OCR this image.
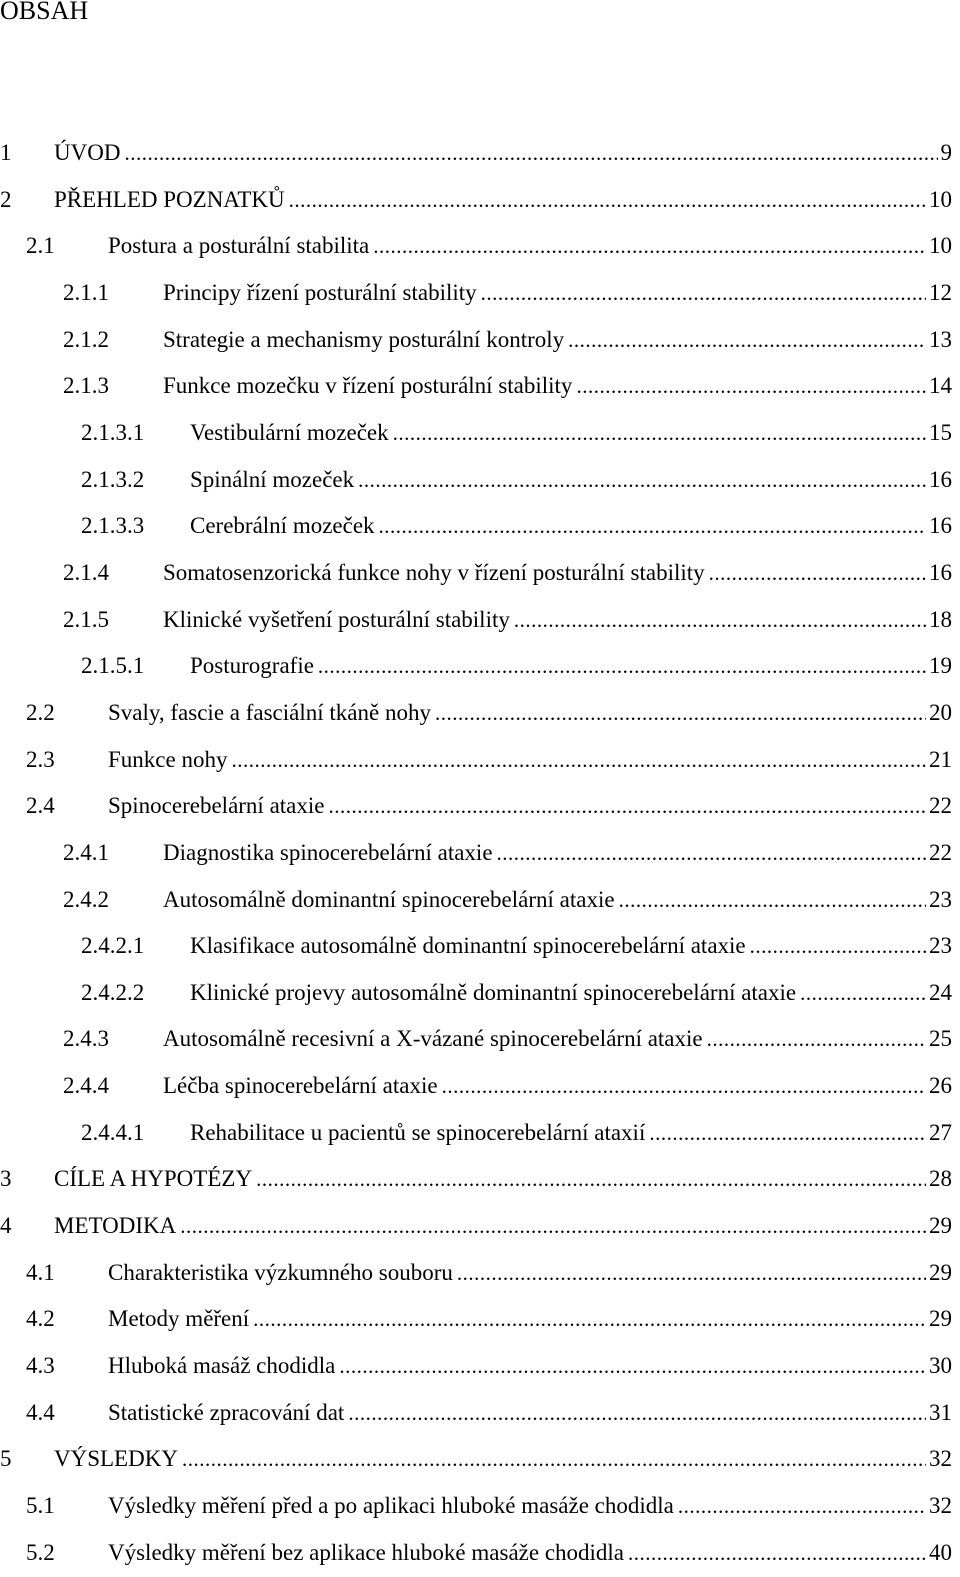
OBSAH
1 ÚVOD .....	9
2 PŘEHLED POZNATKŮ .....	10
2.1 Postura a posturální stabilita .....	10
2.1.1 Principy řízení posturální stability .....	12
2.1.2 Strategie a mechanismy posturální kontroly .....	13
2.1.3 Funkce mozečku v řízení posturální stability .....	14
2.1.3.1 Vestibulární mozeček .....	15
2.1.3.2 Spinální mozeček .....	16
2.1.3.3 Cerebrální mozeček .....	16
2.1.4 Somatosenzorická funkce nohy v řízení posturální stability .....	16
2.1.5 Klinické vyšetření posturální stability .....	18
2.1.5.1 Posturografie .....	19
2.2 Svaly, fascie a fasciální tkáně nohy .....	20
2.3 Funkce nohy .....	21
2.4 Spinocerebelární ataxie .....	22
2.4.1 Diagnostika spinocerebelární ataxie .....	22
2.4.2 Autosomálně dominantní spinocerebelární ataxie .....	23
2.4.2.1 Klasifikace autosomálně dominantní spinocerebelární ataxie .....	23
2.4.2.2 Klinické projevy autosomálně dominantní spinocerebelární ataxie .....	24
2.4.3 Autosomálně recesivní a X-vázané spinocerebelární ataxie .....	25
2.4.4 Léčba spinocerebelární ataxie .....	26
2.4.4.1 Rehabilitace u pacientů se spinocerebelární ataxií .....	27
3 CÍLE A HYPOTÉZY .....	28
4 METODIKA .....	29
4.1 Charakteristika výzkumného souboru .....	29
4.2 Metody měření .....	29
4.3 Hluboká masáž chodidla .....	30
4.4 Statistické zpracování dat .....	31
5 VÝSLEDKY .....	32
5.1 Výsledky měření před a po aplikaci hluboké masáže chodidla .....	32
5.2 Výsledky měření bez aplikace hluboké masáže chodidla .....	40
